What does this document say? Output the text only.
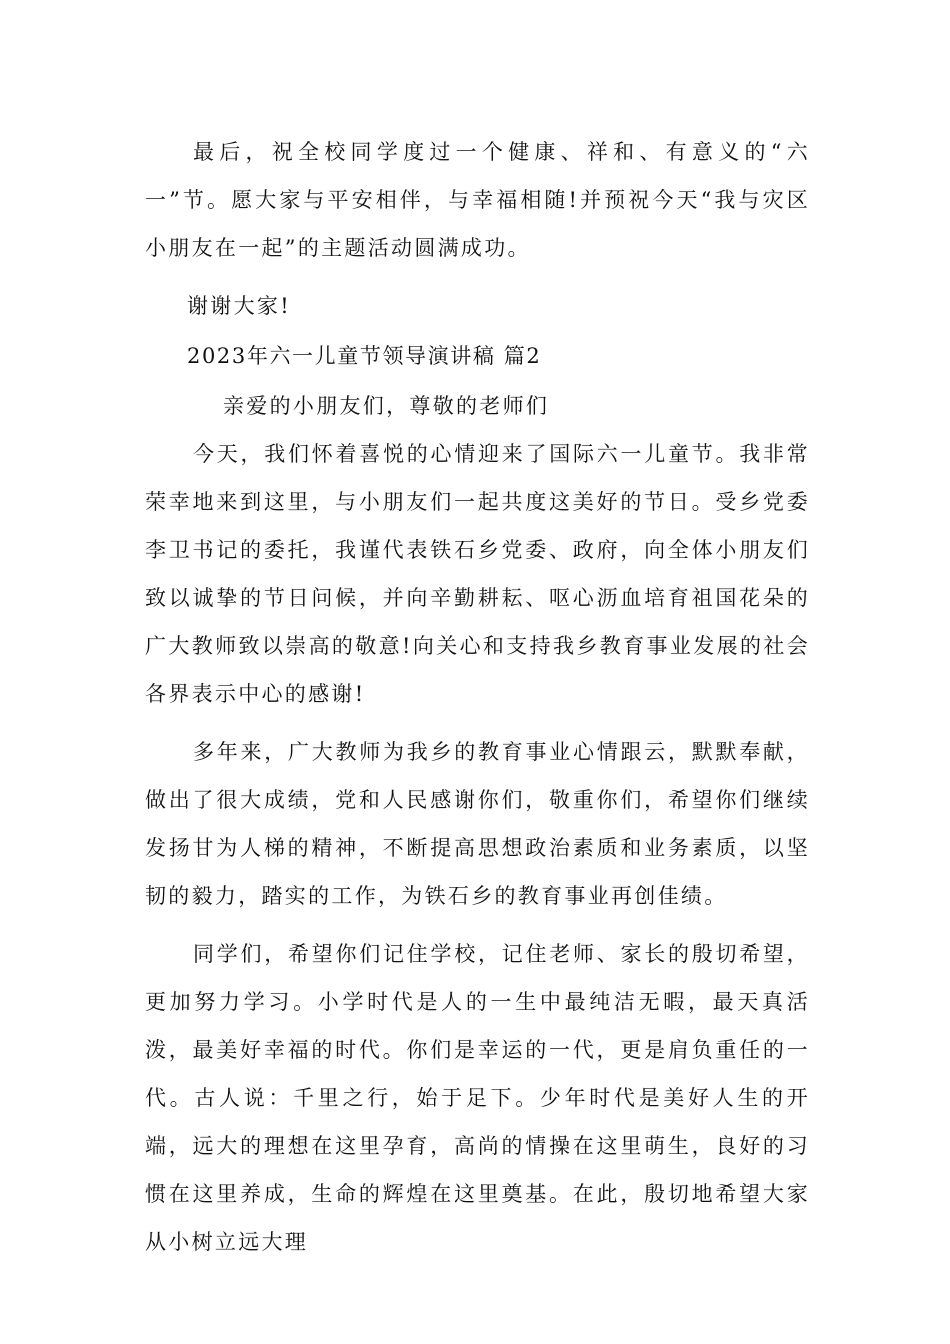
最后，祝全校同学度过一个健康、祥和、有意义的“六一”节。愿大家与平安相伴，与幸福相随!并预祝今天“我与灾区小朋友在一起”的主题活动圆满成功。

谢谢大家!

2023年六一儿童节领导演讲稿 篇2

亲爱的小朋友们，尊敬的老师们

今天，我们怀着喜悦的心情迎来了国际六一儿童节。我非常荣幸地来到这里，与小朋友们一起共度这美好的节日。受乡党委李卫书记的委托，我谨代表铁石乡党委、政府，向全体小朋友们致以诚挚的节日问候，并向辛勤耕耘、呕心沥血培育祖国花朵的广大教师致以崇高的敬意!向关心和支持我乡教育事业发展的社会各界表示中心的感谢!

多年来，广大教师为我乡的教育事业心情跟云，默默奉献，做出了很大成绩，党和人民感谢你们，敬重你们，希望你们继续发扬甘为人梯的精神，不断提高思想政治素质和业务素质，以坚韧的毅力，踏实的工作，为铁石乡的教育事业再创佳绩。

同学们，希望你们记住学校，记住老师、家长的殷切希望，更加努力学习。小学时代是人的一生中最纯洁无暇，最天真活泼，最美好幸福的时代。你们是幸运的一代，更是肩负重任的一代。古人说：千里之行，始于足下。少年时代是美好人生的开端，远大的理想在这里孕育，高尚的情操在这里萌生，良好的习惯在这里养成，生命的辉煌在这里奠基。在此，殷切地希望大家从小树立远大理
